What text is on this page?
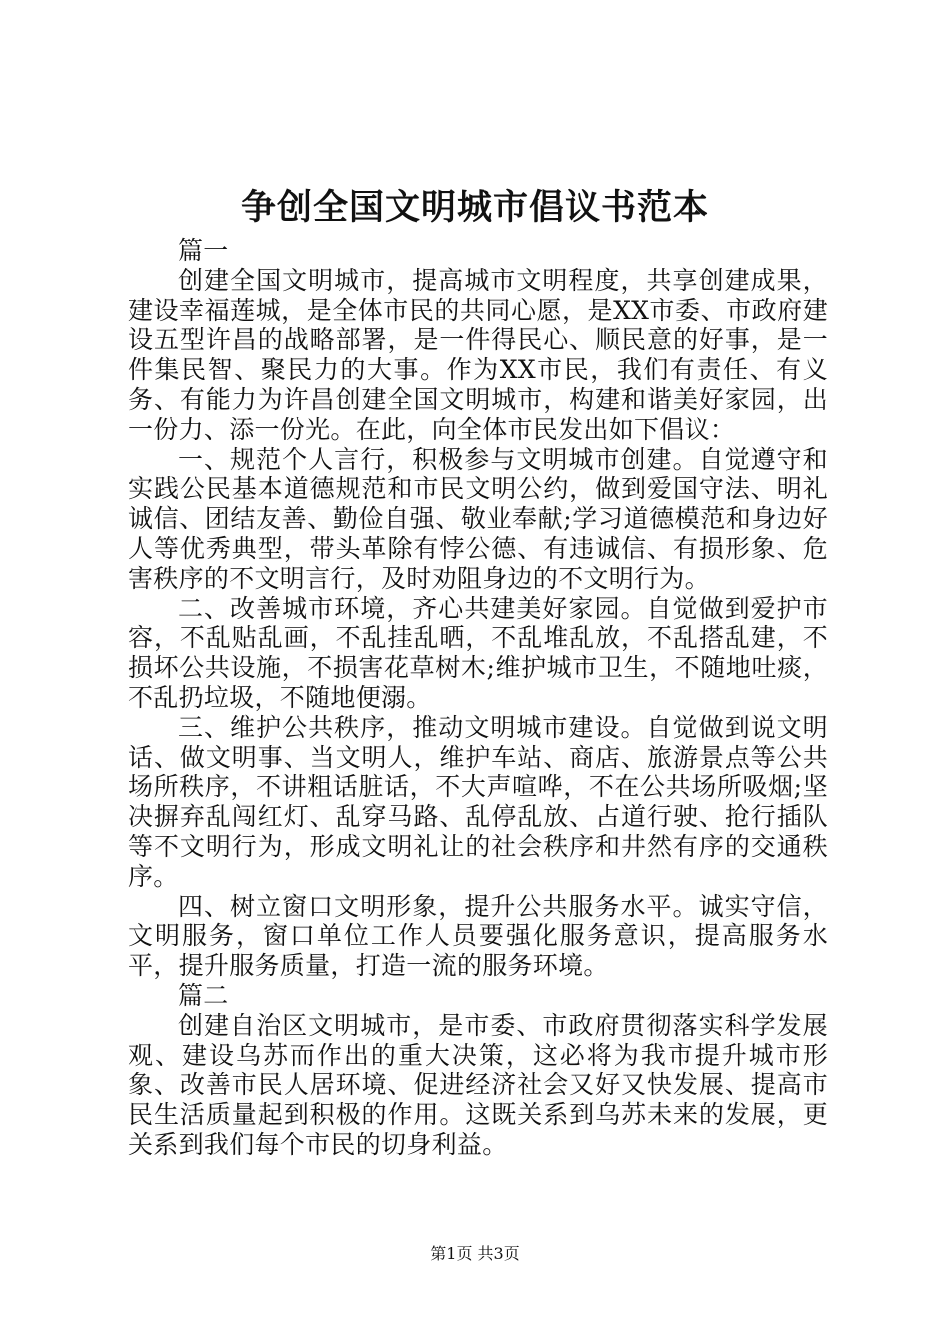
争创全国文明城市倡议书范本

篇一

创建全国文明城市，提高城市文明程度，共享创建成果，建设幸福莲城，是全体市民的共同心愿，是XX市委、市政府建设五型许昌的战略部署，是一件得民心、顺民意的好事，是一件集民智、聚民力的大事。作为XX市民，我们有责任、有义务、有能力为许昌创建全国文明城市，构建和谐美好家园，出一份力、添一份光。在此，向全体市民发出如下倡议：

一、规范个人言行，积极参与文明城市创建。自觉遵守和实践公民基本道德规范和市民文明公约，做到爱国守法、明礼诚信、团结友善、勤俭自强、敬业奉献;学习道德模范和身边好人等优秀典型，带头革除有悖公德、有违诚信、有损形象、危害秩序的不文明言行，及时劝阻身边的不文明行为。

二、改善城市环境，齐心共建美好家园。自觉做到爱护市容，不乱贴乱画，不乱挂乱晒，不乱堆乱放，不乱搭乱建，不损坏公共设施，不损害花草树木;维护城市卫生，不随地吐痰，不乱扔垃圾，不随地便溺。

三、维护公共秩序，推动文明城市建设。自觉做到说文明话、做文明事、当文明人，维护车站、商店、旅游景点等公共场所秩序，不讲粗话脏话，不大声喧哗，不在公共场所吸烟;坚决摒弃乱闯红灯、乱穿马路、乱停乱放、占道行驶、抢行插队等不文明行为，形成文明礼让的社会秩序和井然有序的交通秩序。

四、树立窗口文明形象，提升公共服务水平。诚实守信，文明服务，窗口单位工作人员要强化服务意识，提高服务水平，提升服务质量，打造一流的服务环境。

篇二

创建自治区文明城市，是市委、市政府贯彻落实科学发展观、建设乌苏而作出的重大决策，这必将为我市提升城市形象、改善市民人居环境、促进经济社会又好又快发展、提高市民生活质量起到积极的作用。这既关系到乌苏未来的发展，更关系到我们每个市民的切身利益。

第1页 共3页
